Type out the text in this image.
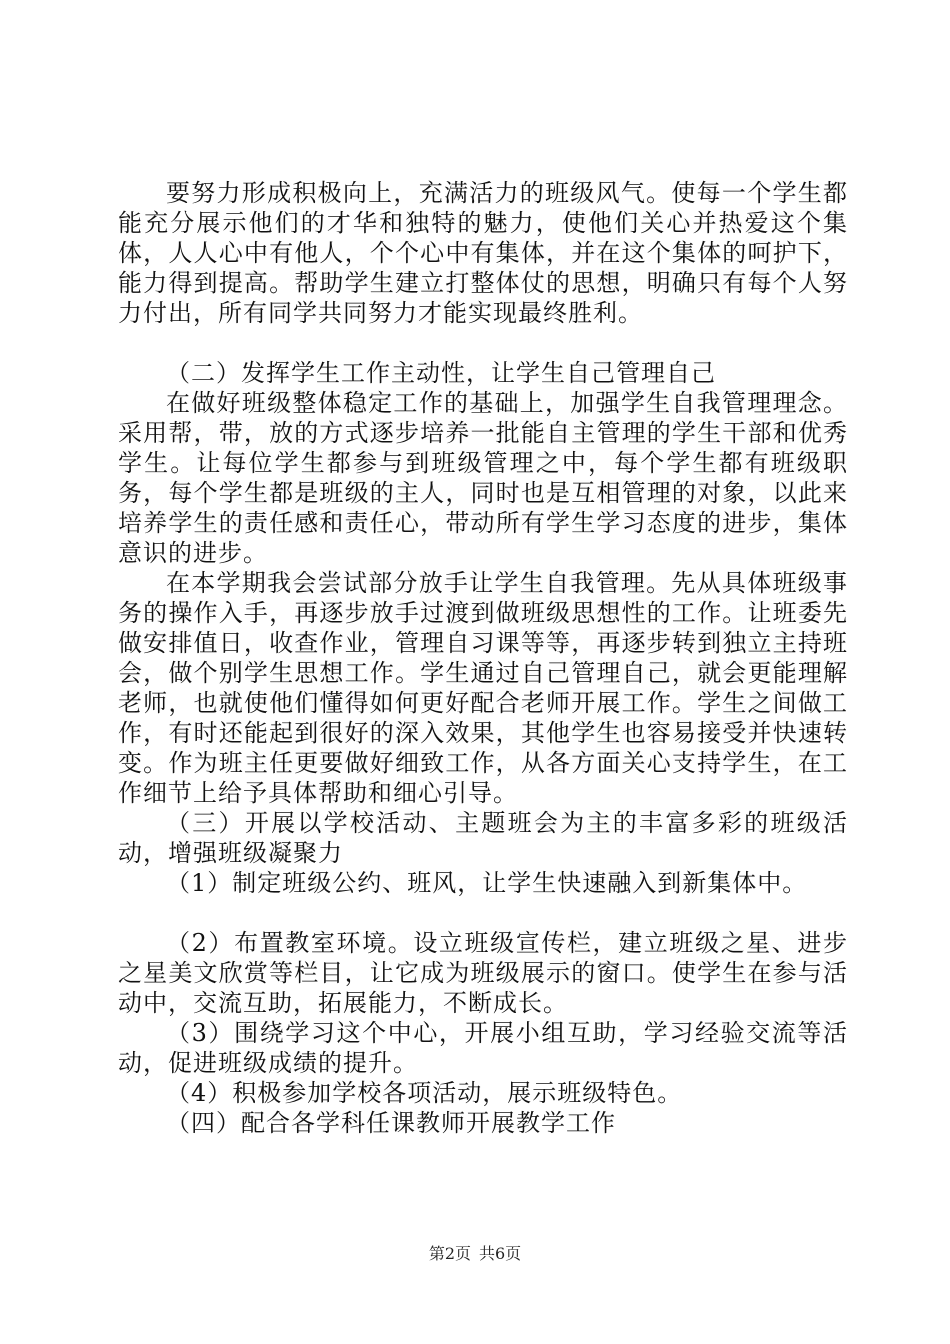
要努力形成积极向上，充满活力的班级风气。使每一个学生都能充分展示他们的才华和独特的魅力，使他们关心并热爱这个集体，人人心中有他人，个个心中有集体，并在这个集体的呵护下，能力得到提高。帮助学生建立打整体仗的思想，明确只有每个人努力付出，所有同学共同努力才能实现最终胜利。

（二）发挥学生工作主动性，让学生自己管理自己

在做好班级整体稳定工作的基础上，加强学生自我管理理念。采用帮，带，放的方式逐步培养一批能自主管理的学生干部和优秀学生。让每位学生都参与到班级管理之中，每个学生都有班级职务，每个学生都是班级的主人，同时也是互相管理的对象，以此来培养学生的责任感和责任心，带动所有学生学习态度的进步，集体意识的进步。

在本学期我会尝试部分放手让学生自我管理。先从具体班级事务的操作入手，再逐步放手过渡到做班级思想性的工作。让班委先做安排值日，收查作业，管理自习课等等，再逐步转到独立主持班会，做个别学生思想工作。学生通过自己管理自己，就会更能理解老师，也就使他们懂得如何更好配合老师开展工作。学生之间做工作，有时还能起到很好的深入效果，其他学生也容易接受并快速转变。作为班主任更要做好细致工作，从各方面关心支持学生，在工作细节上给予具体帮助和细心引导。

（三）开展以学校活动、主题班会为主的丰富多彩的班级活动，增强班级凝聚力

（1）制定班级公约、班风，让学生快速融入到新集体中。

（2）布置教室环境。设立班级宣传栏，建立班级之星、进步之星美文欣赏等栏目，让它成为班级展示的窗口。使学生在参与活动中，交流互助，拓展能力，不断成长。

（3）围绕学习这个中心，开展小组互助，学习经验交流等活动，促进班级成绩的提升。

（4）积极参加学校各项活动，展示班级特色。

（四）配合各学科任课教师开展教学工作

第2页 共6页
